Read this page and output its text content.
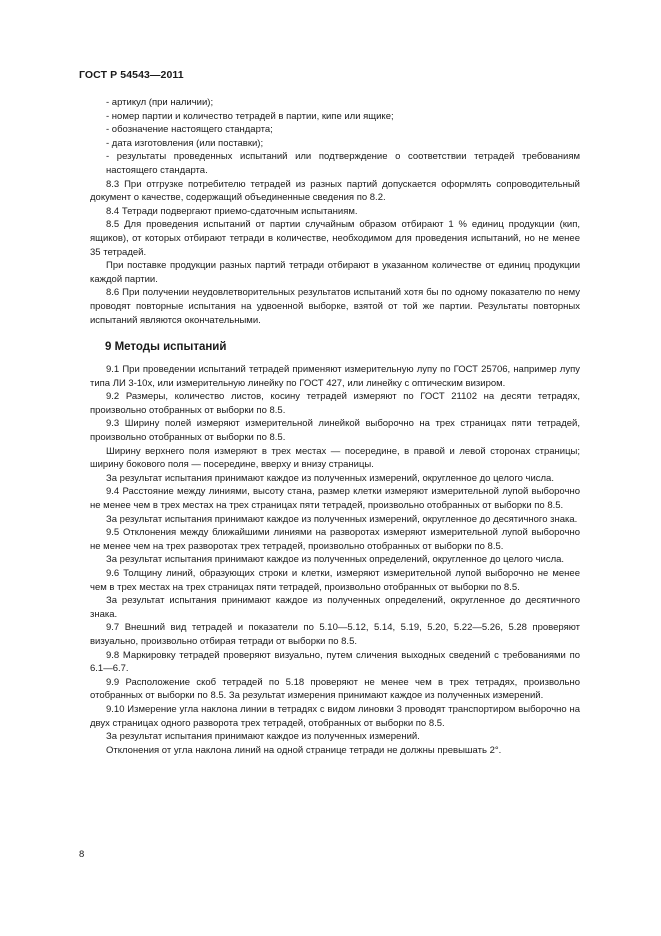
ГОСТ Р 54543—2011

- артикул (при наличии);

- номер партии и количество тетрадей в партии, кипе или ящике;

- обозначение настоящего стандарта;

- дата изготовления (или поставки);

- результаты проведенных испытаний или подтверждение о соответствии тетрадей требованиям настоящего стандарта.

8.3 При отгрузке потребителю тетрадей из разных партий допускается оформлять сопроводительный документ о качестве, содержащий объединенные сведения по 8.2.

8.4 Тетради подвергают приемо-сдаточным испытаниям.

8.5 Для проведения испытаний от партии случайным образом отбирают 1 % единиц продукции (кип, ящиков), от которых отбирают тетради в количестве, необходимом для проведения испытаний, но не менее 35 тетрадей.

При поставке продукции разных партий тетради отбирают в указанном количестве от единиц продукции каждой партии.

8.6 При получении неудовлетворительных результатов испытаний хотя бы по одному показателю по нему проводят повторные испытания на удвоенной выборке, взятой от той же партии. Результаты повторных испытаний являются окончательными.

9 Методы испытаний

9.1 При проведении испытаний тетрадей применяют измерительную лупу по ГОСТ 25706, например лупу типа ЛИ 3-10х, или измерительную линейку по ГОСТ 427, или линейку с оптическим визиром.

9.2 Размеры, количество листов, косину тетрадей измеряют по ГОСТ 21102 на десяти тетрадях, произвольно отобранных от выборки по 8.5.

9.3 Ширину полей измеряют измерительной линейкой выборочно на трех страницах пяти тетрадей, произвольно отобранных от выборки по 8.5.

Ширину верхнего поля измеряют в трех местах — посередине, в правой и левой сторонах страницы; ширину бокового поля — посередине, вверху и внизу страницы.

За результат испытания принимают каждое из полученных измерений, округленное до целого числа.

9.4 Расстояние между линиями, высоту стана, размер клетки измеряют измерительной лупой выборочно не менее чем в трех местах на трех страницах пяти тетрадей, произвольно отобранных от выборки по 8.5.

За результат испытания принимают каждое из полученных измерений, округленное до десятичного знака.

9.5 Отклонения между ближайшими линиями на разворотах измеряют измерительной лупой выборочно не менее чем на трех разворотах трех тетрадей, произвольно отобранных от выборки по 8.5.

За результат испытания принимают каждое из полученных определений, округленное до целого числа.

9.6 Толщину линий, образующих строки и клетки, измеряют измерительной лупой выборочно не менее чем в трех местах на трех страницах пяти тетрадей, произвольно отобранных от выборки по 8.5.

За результат испытания принимают каждое из полученных определений, округленное до десятичного знака.

9.7 Внешний вид тетрадей и показатели по 5.10—5.12, 5.14, 5.19, 5.20, 5.22—5.26, 5.28 проверяют визуально, произвольно отбирая тетради от выборки по 8.5.

9.8 Маркировку тетрадей проверяют визуально, путем сличения выходных сведений с требованиями по 6.1—6.7.

9.9 Расположение скоб тетрадей по 5.18 проверяют не менее чем в трех тетрадях, произвольно отобранных от выборки по 8.5. За результат измерения принимают каждое из полученных измерений.

9.10 Измерение угла наклона линии в тетрадях с видом линовки 3 проводят транспортиром выборочно на двух страницах одного разворота трех тетрадей, отобранных от выборки по 8.5.

За результат испытания принимают каждое из полученных измерений.

Отклонения от угла наклона линий на одной странице тетради не должны превышать 2°.

8
